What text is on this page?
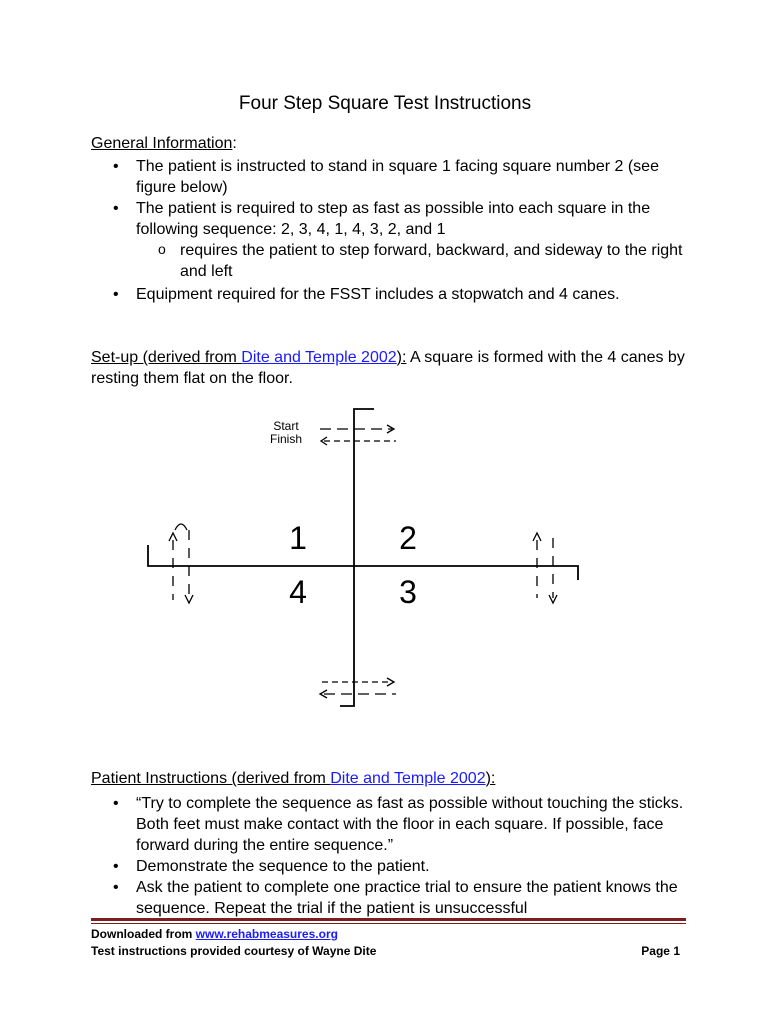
Four Step Square Test Instructions
General Information:
• The patient is instructed to stand in square 1 facing square number 2 (see figure below)
• The patient is required to step as fast as possible into each square in the following sequence: 2, 3, 4, 1, 4, 3, 2, and 1
o requires the patient to step forward, backward, and sideway to the right and left
• Equipment required for the FSST includes a stopwatch and 4 canes.
Set-up (derived from Dite and Temple 2002): A square is formed with the 4 canes by resting them flat on the floor.
Start
Finish
1	2
4	3
Patient Instructions (derived from Dite and Temple 2002):
• “Try to complete the sequence as fast as possible without touching the sticks. Both feet must make contact with the floor in each square. If possible, face forward during the entire sequence.”
• Demonstrate the sequence to the patient.
• Ask the patient to complete one practice trial to ensure the patient knows the sequence. Repeat the trial if the patient is unsuccessful
Downloaded from www.rehabmeasures.org
Test instructions provided courtesy of Wayne Dite	Page 1
